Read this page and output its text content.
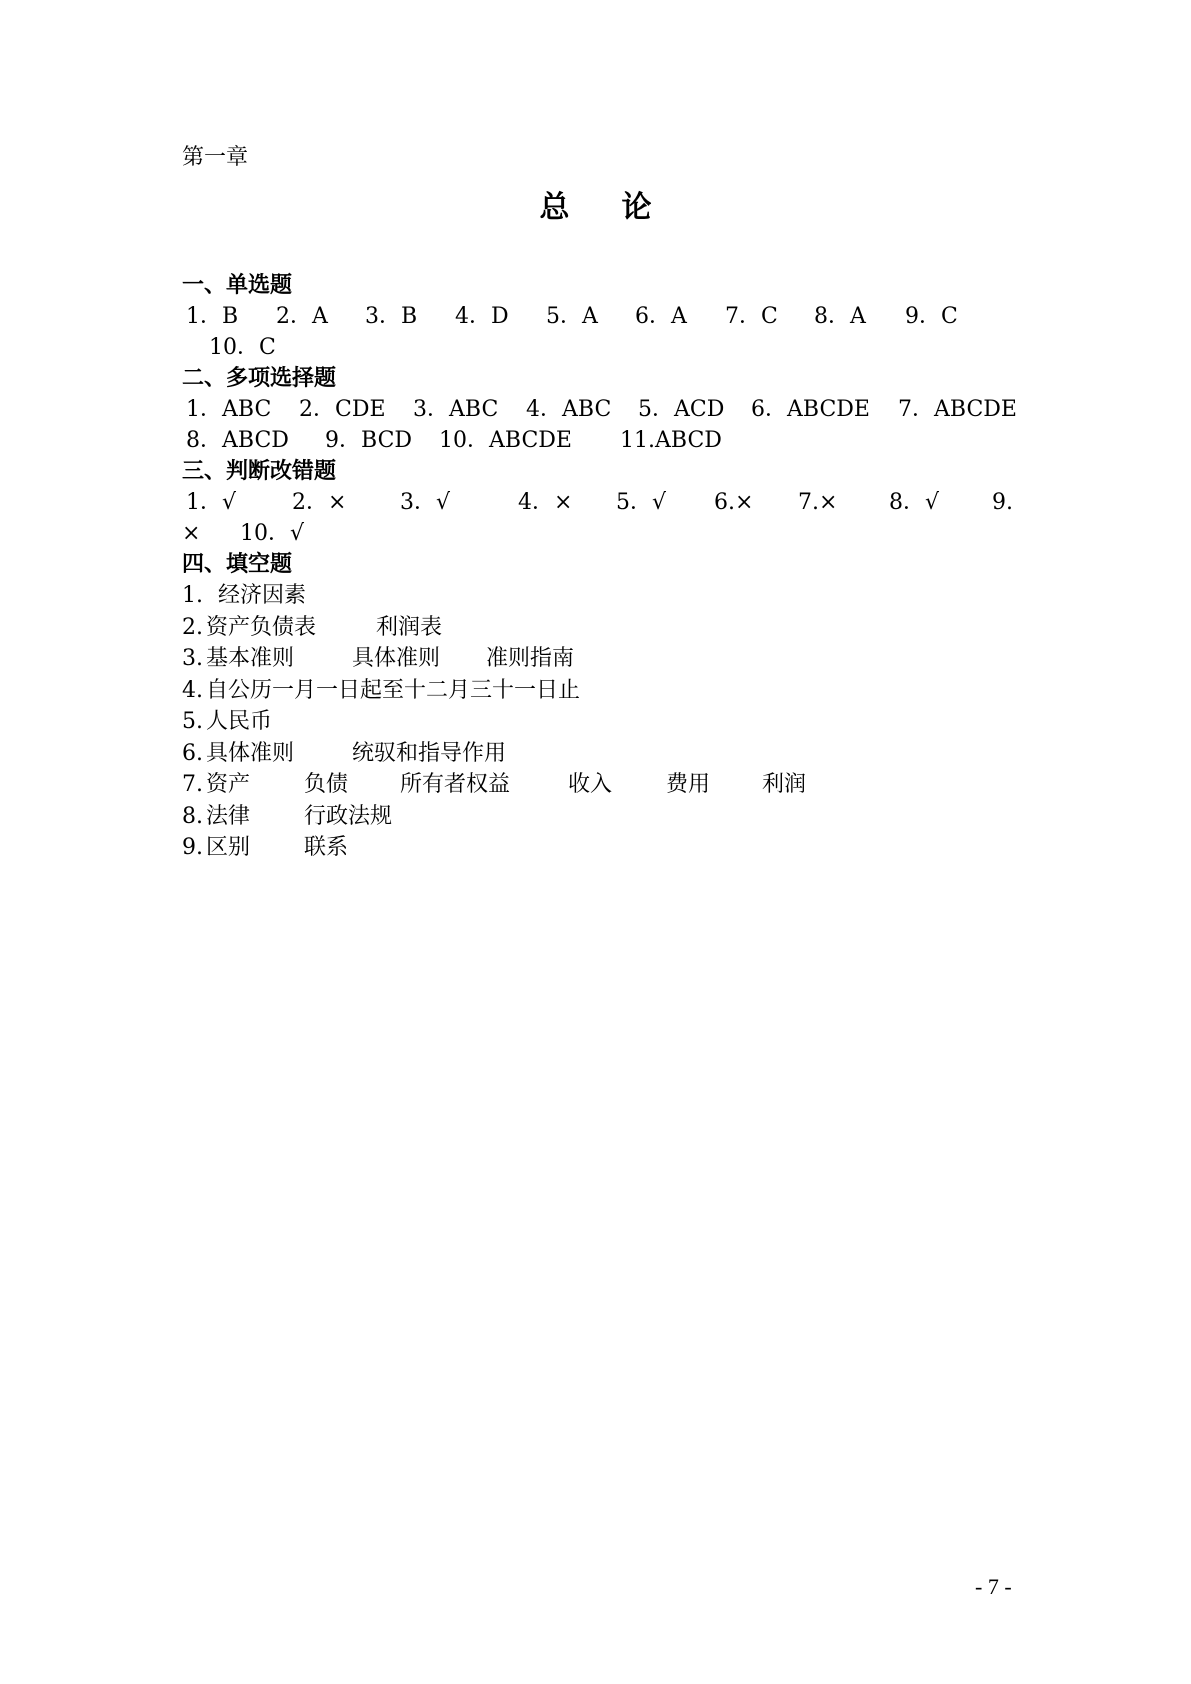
第一章
总 论
一、单选题
1．B 2．A 3．B 4．D 5．A 6．A 7．C 8．A 9．C
10．C
二、多项选择题
1．ABC 2．CDE 3．ABC 4．ABC 5．ACD 6．ABCDE 7．ABCDE
8．ABCD 9．BCD 10．ABCDE 11.ABCD
三、判断改错题
1．√	2．× 3．√	4．× 5．√ 6.× 7.× 8．√ 9.
× 10．√
四、填空题
1. 经济因素
2. 资产负债表	利润表
3. 基本准则	具体准则 准则指南
4. 自公历一月一日起至十二月三十一日止
5. 人民币
6. 具体准则	统驭和指导作用
7. 资产 负债 所有者权益	收入 费用 利润
8. 法律 行政法规
9. 区别 联系
- 7 -
